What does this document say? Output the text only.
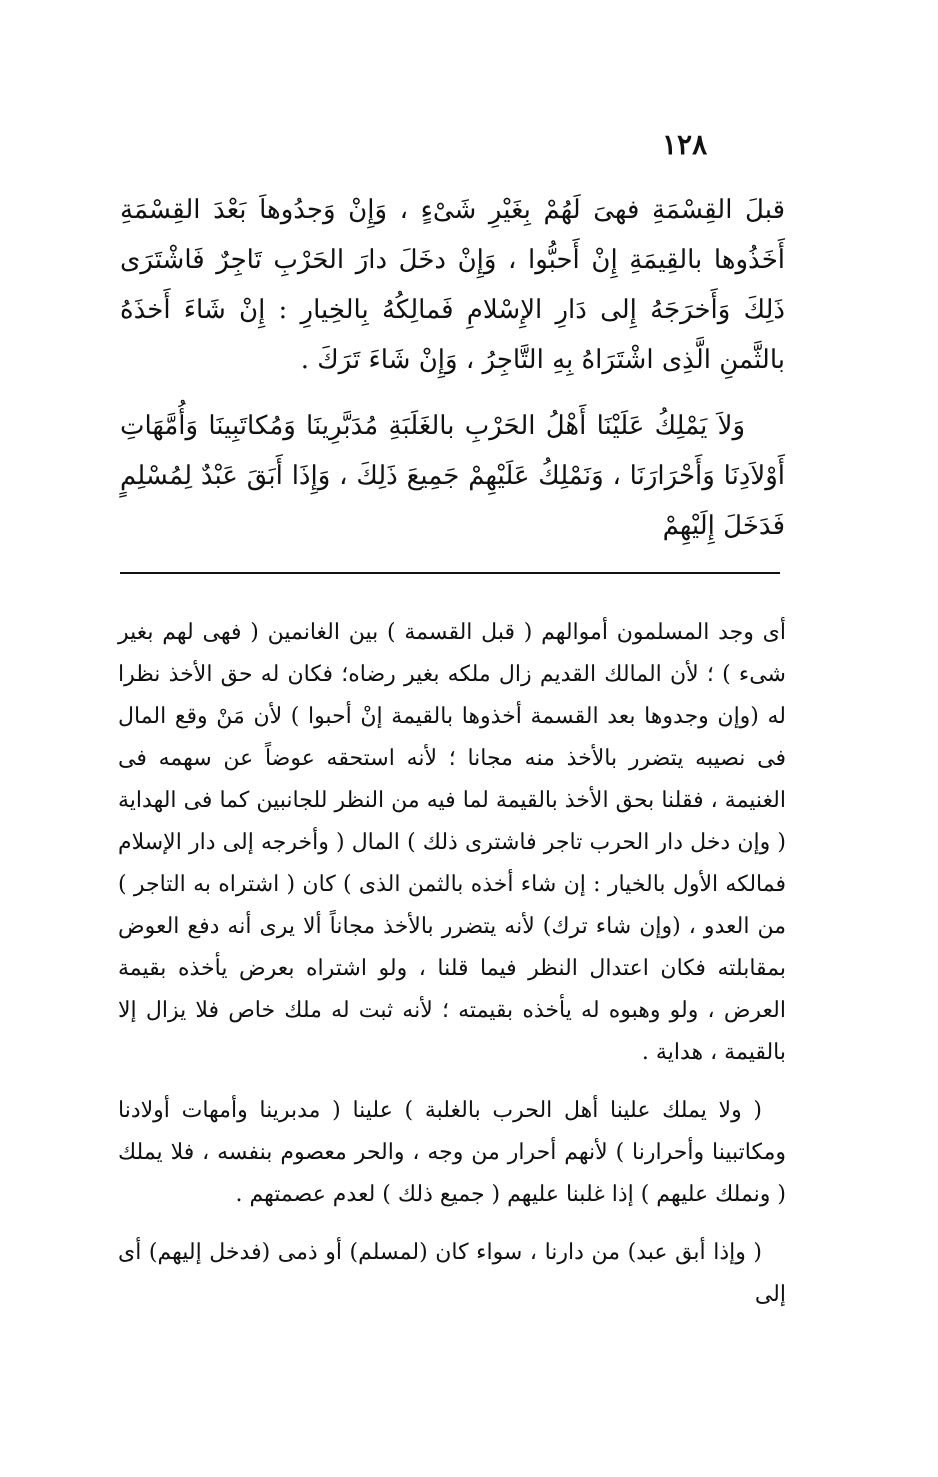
١٢٨

قبلَ القِسْمَةِ فهىَ لَهُمْ بِغَيْرِ شَىْءٍ ، وَإِنْ وَجدُوهاَ بَعْدَ القِسْمَةِ أَخَذُوها بالقِيمَةِ إِنْ أَحبُّوا ، وَإِنْ دخَلَ دارَ الحَرْبِ تَاجِرٌ فَاشْتَرَى ذَلِكَ وَأَخرَجَهُ إِلى دَارِ الإِسْلامِ فَمالِكُهُ بِالخِيارِ : إِنْ شَاءَ أَخذَهُ بالثَّمنِ الَّذِى اشْتَرَاهُ بِهِ التَّاجِرُ ، وَإِنْ شَاءَ تَرَكَ .

وَلاَ يَمْلِكُ عَلَيْنَا أَهْلُ الحَرْبِ بالغَلَبَةِ مُدَبَّرِينَا وَمُكاتَبِينَا وَأُمَّهَاتِ أَوْلاَدِنَا وَأَحْرَارَنَا ، وَنَمْلِكُ عَلَيْهِمْ جَمِيعَ ذَلِكَ ، وَإِذَا أَبَقَ عَبْدٌ لِمُسْلِمٍ فَدَخَلَ إِلَيْهِمْ

أى وجد المسلمون أموالهم ( قبل القسمة ) بين الغانمين ( فهى لهم بغير شىء ) ؛ لأن المالك القديم زال ملكه بغير رضاه؛ فكان له حق الأخذ نظرا له (وإن وجدوها بعد القسمة أخذوها بالقيمة إنْ أحبوا ) لأن مَنْ وقع المال فى نصيبه يتضرر بالأخذ منه مجانا ؛ لأنه استحقه عوضاً عن سهمه فى الغنيمة ، فقلنا بحق الأخذ بالقيمة لما فيه من النظر للجانبين كما فى الهداية ( وإن دخل دار الحرب تاجر فاشترى ذلك ) المال ( وأخرجه إلى دار الإسلام فمالكه الأول بالخيار : إن شاء أخذه بالثمن الذى ) كان ( اشتراه به التاجر ) من العدو ، (وإن شاء ترك) لأنه يتضرر بالأخذ مجاناً ألا يرى أنه دفع العوض بمقابلته فكان اعتدال النظر فيما قلنا ، ولو اشتراه بعرض يأخذه بقيمة العرض ، ولو وهبوه له يأخذه بقيمته ؛ لأنه ثبت له ملك خاص فلا يزال إلا بالقيمة ، هداية .

( ولا يملك علينا أهل الحرب بالغلبة ) علينا ( مدبرينا وأمهات أولادنا ومكاتبينا وأحرارنا ) لأنهم أحرار من وجه ، والحر معصوم بنفسه ، فلا يملك ( ونملك عليهم ) إذا غلبنا عليهم ( جميع ذلك ) لعدم عصمتهم .

( وإذا أبق عبد) من دارنا ، سواء كان (لمسلم) أو ذمى (فدخل إليهم) أى إلى
